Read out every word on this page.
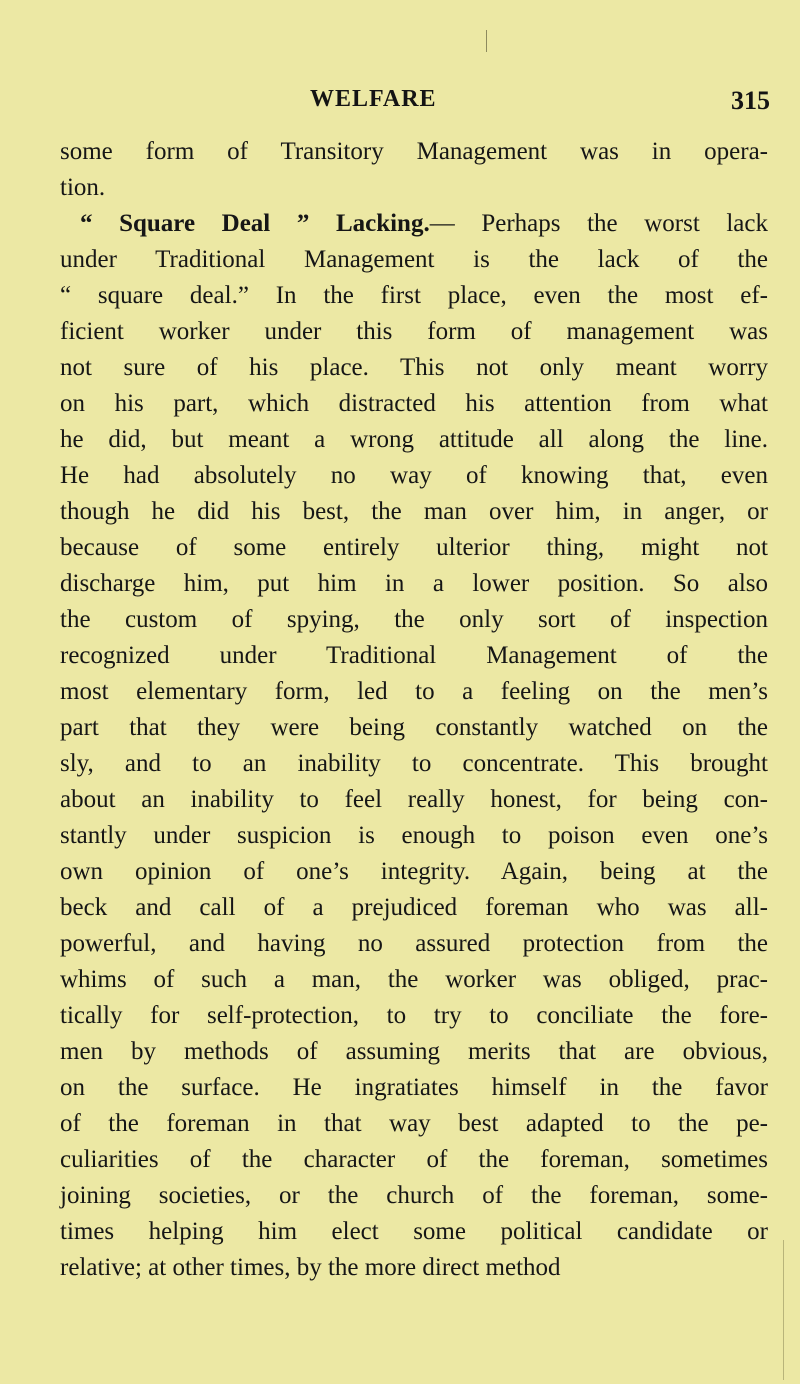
WELFARE	315
some form of Transitory Management was in opera-
tion.
“ Square Deal ” Lacking.— Perhaps the worst lack
under Traditional Management is the lack of the
“ square deal.” In the first place, even the most ef-
ficient worker under this form of management was
not sure of his place. This not only meant worry
on his part, which distracted his attention from what
he did, but meant a wrong attitude all along the line.
He had absolutely no way of knowing that, even
though he did his best, the man over him, in anger, or
because of some entirely ulterior thing, might not
discharge him, put him in a lower position. So also
the custom of spying, the only sort of inspection
recognized under Traditional Management of the
most elementary form, led to a feeling on the men’s
part that they were being constantly watched on the
sly, and to an inability to concentrate. This brought
about an inability to feel really honest, for being con-
stantly under suspicion is enough to poison even one’s
own opinion of one’s integrity. Again, being at the
beck and call of a prejudiced foreman who was all-
powerful, and having no assured protection from the
whims of such a man, the worker was obliged, prac-
tically for self-protection, to try to conciliate the fore-
men by methods of assuming merits that are obvious,
on the surface. He ingratiates himself in the favor
of the foreman in that way best adapted to the pe-
culiarities of the character of the foreman, sometimes
joining societies, or the church of the foreman, some-
times helping him elect some political candidate or
relative; at other times, by the more direct method
